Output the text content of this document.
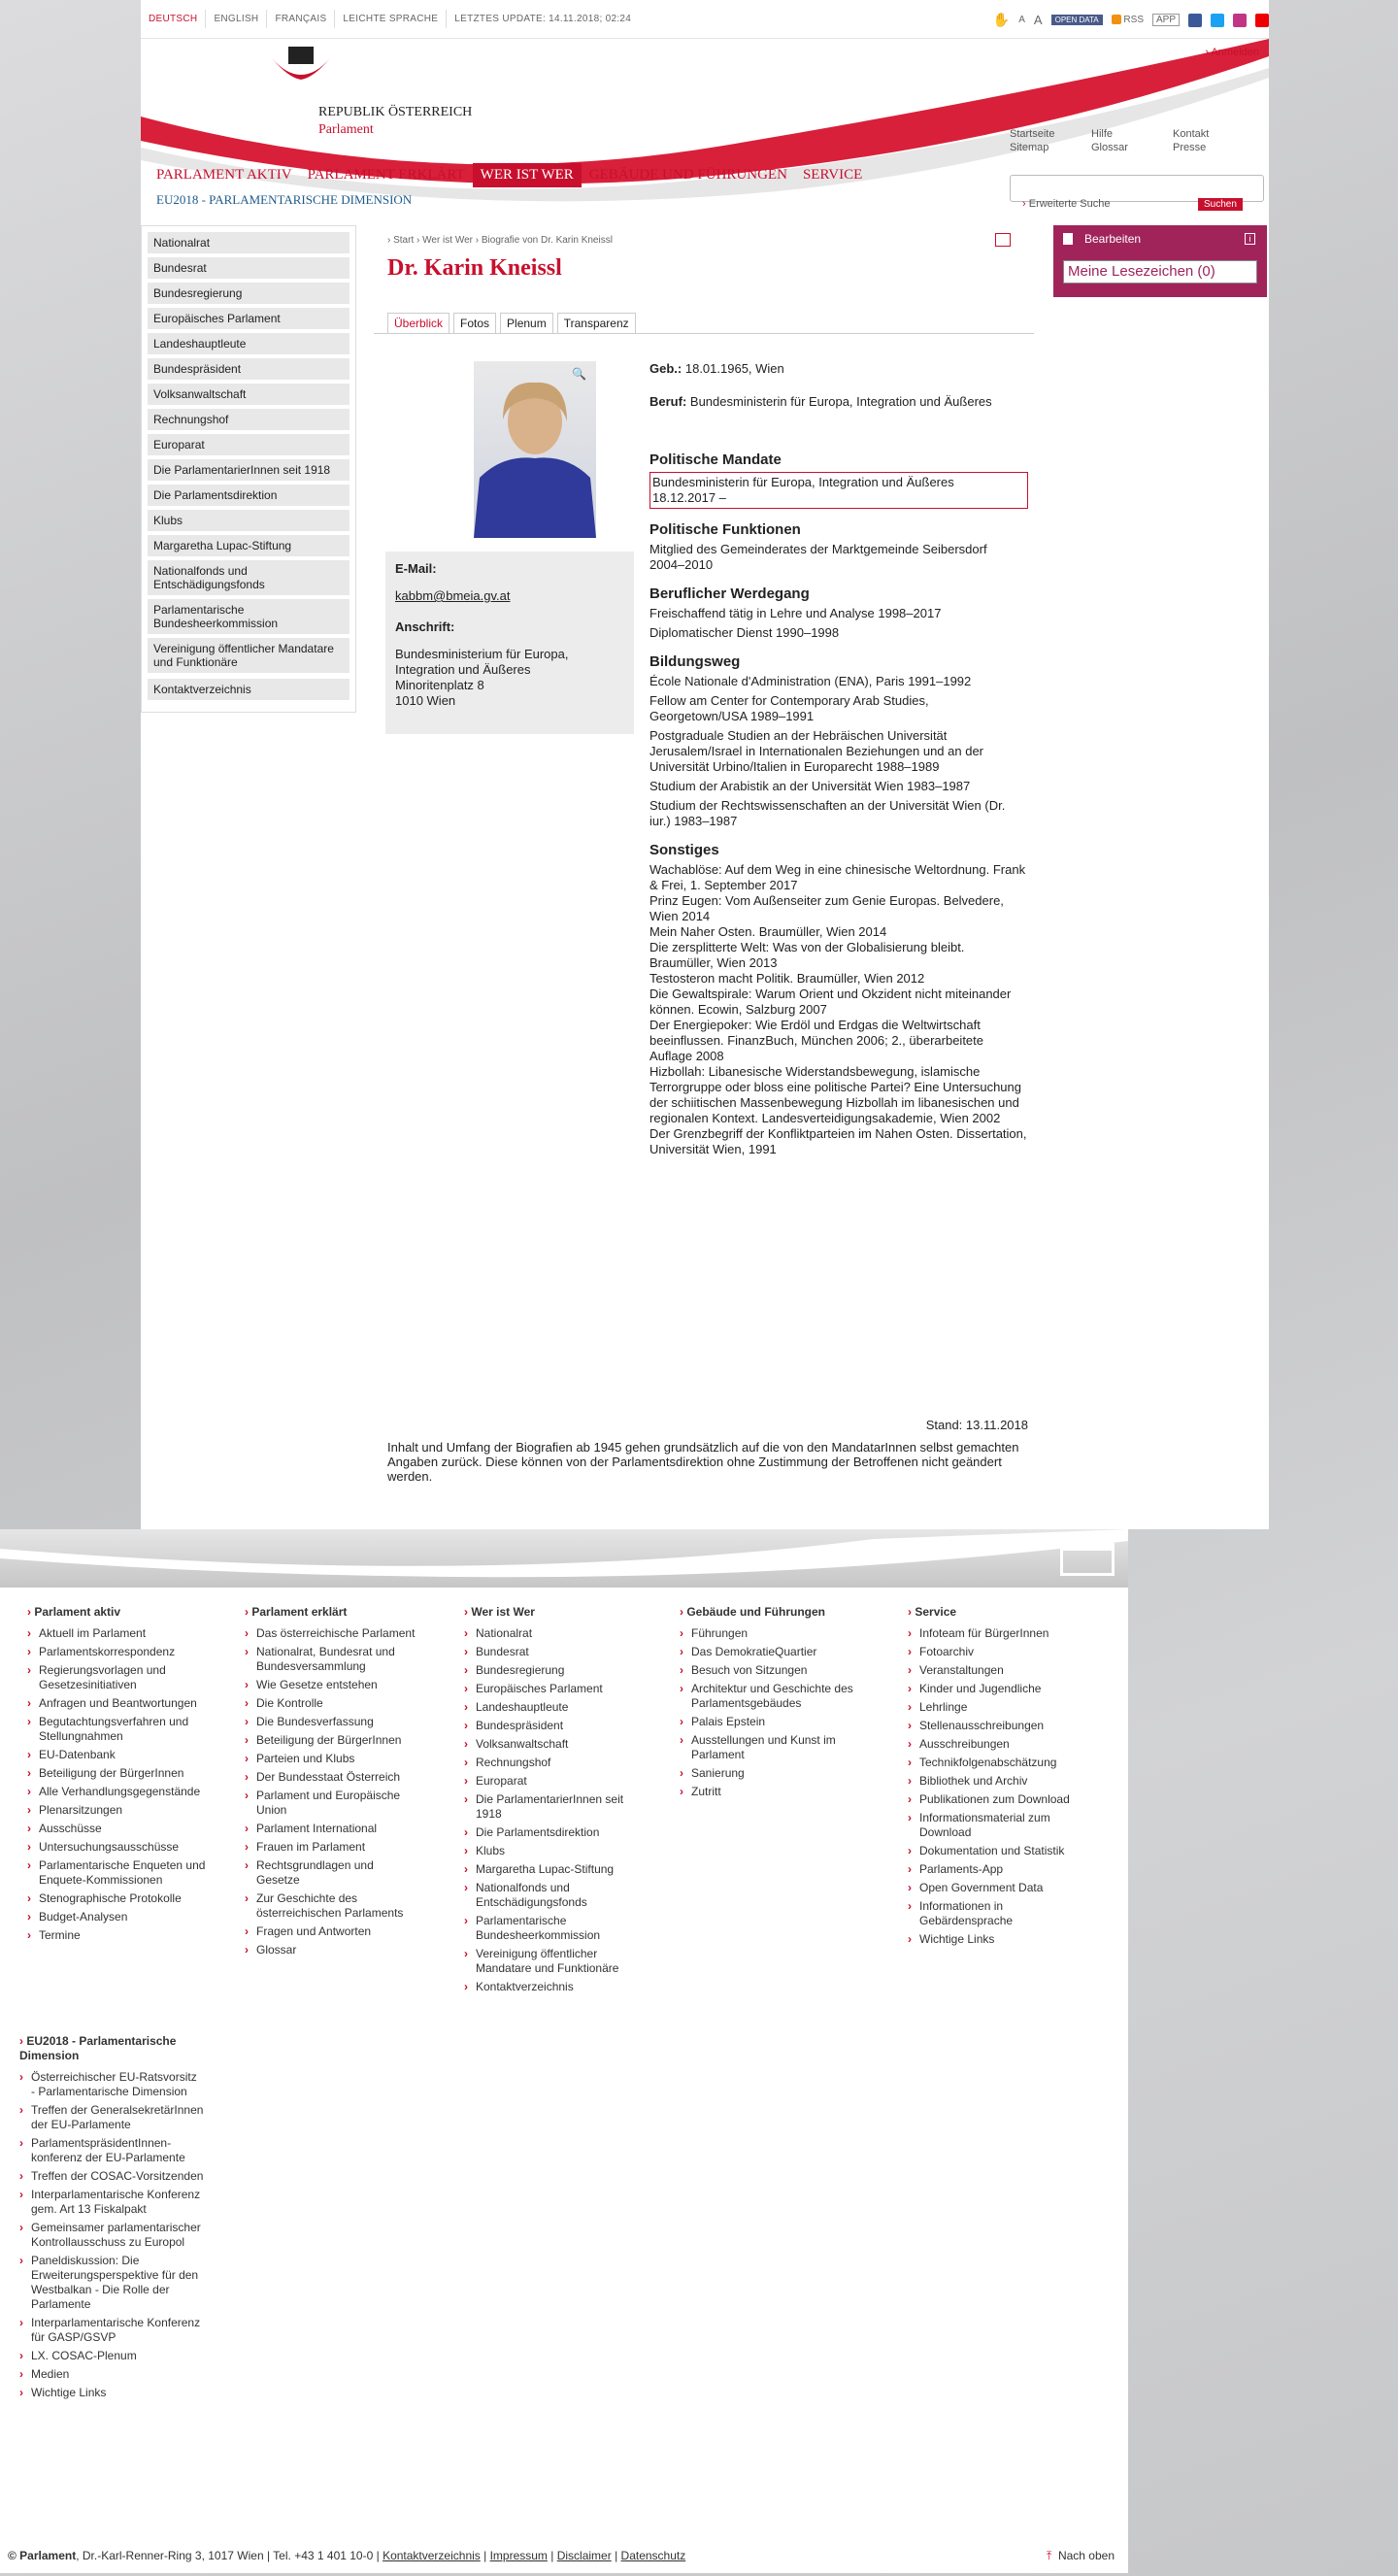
DEUTSCH	ENGLISH	FRANÇAIS	LEICHTE SPRACHE	LETZTES UPDATE: 14.11.2018; 02:24	✋ A A	OPEN DATA	RSS	APP
REPUBLIK ÖSTERREICH
Parlament
› Anmelden
Startseite	Hilfe	Kontakt
Sitemap	Glossar	Presse
PARLAMENT AKTIV	PARLAMENT ERKLÄRT	WER IST WER	GEBÄUDE UND FÜHRUNGEN	SERVICE
EU2018 - PARLAMENTARISCHE DIMENSION	› Erweiterte Suche	Suchen
Nationalrat
Bundesrat
Bundesregierung
Europäisches Parlament
Landeshauptleute
Bundespräsident
Volksanwaltschaft
Rechnungshof
Europarat
Die ParlamentarierInnen seit 1918
Die Parlamentsdirektion
Klubs
Margaretha Lupac-Stiftung
Nationalfonds und Entschädigungsfonds
Parlamentarische Bundesheerkommission
Vereinigung öffentlicher Mandatare und Funktionäre
Kontaktverzeichnis
› Start › Wer ist Wer › Biografie von Dr. Karin Kneissl
Dr. Karin Kneissl
Überblick	Fotos	Plenum	Transparenz
🔍
E-Mail:
kabbm@bmeia.gv.at
Anschrift:
Bundesministerium für Europa,
Integration und Äußeres
Minoritenplatz 8
1010 Wien

Geb.: 18.01.1965, Wien

Beruf: Bundesministerin für Europa, Integration und Äußeres

Politische Mandate
Bundesministerin für Europa, Integration und Äußeres
18.12.2017 –
Politische Funktionen
Mitglied des Gemeinderates der Marktgemeinde Seibersdorf
2004–2010
Beruflicher Werdegang

Freischaffend tätig in Lehre und Analyse 1998–2017

Diplomatischer Dienst 1990–1998

Bildungsweg

École Nationale d'Administration (ENA), Paris 1991–1992

Fellow am Center for Contemporary Arab Studies, Georgetown/USA 1989–1991

Postgraduale Studien an der Hebräischen Universität Jerusalem/Israel in Internationalen Beziehungen und an der Universität Urbino/Italien in Europarecht 1988–1989

Studium der Arabistik an der Universität Wien 1983–1987

Studium der Rechtswissenschaften an der Universität Wien (Dr. iur.) 1983–1987

Sonstiges
Wachablöse: Auf dem Weg in eine chinesische Weltordnung. Frank & Frei, 1. September 2017
Prinz Eugen: Vom Außenseiter zum Genie Europas. Belvedere, Wien 2014
Mein Naher Osten. Braumüller, Wien 2014
Die zersplitterte Welt: Was von der Globalisierung bleibt. Braumüller, Wien 2013
Testosteron macht Politik. Braumüller, Wien 2012
Die Gewaltspirale: Warum Orient und Okzident nicht miteinander können. Ecowin, Salzburg 2007
Der Energiepoker: Wie Erdöl und Erdgas die Weltwirtschaft beeinflussen. FinanzBuch, München 2006; 2., überarbeitete Auflage 2008
Hizbollah: Libanesische Widerstandsbewegung, islamische Terrorgruppe oder bloss eine politische Partei? Eine Untersuchung der schiitischen Massenbewegung Hizbollah im libanesischen und regionalen Kontext. Landesverteidigungsakademie, Wien 2002
Der Grenzbegriff der Konfliktparteien im Nahen Osten. Dissertation, Universität Wien, 1991
Stand: 13.11.2018
Inhalt und Umfang der Biografien ab 1945 gehen grundsätzlich auf die von den MandatarInnen selbst gemachten Angaben zurück. Diese können von der Parlamentsdirektion ohne Zustimmung der Betroffenen nicht geändert werden.
Bearbeiten	i
Meine Lesezeichen (0)
› Parlament aktiv
› Aktuell im Parlament
› Parlamentskorrespondenz
› Regierungsvorlagen und Gesetzesinitiativen
› Anfragen und Beantwortungen
› Begutachtungsverfahren und Stellungnahmen
› EU-Datenbank
› Beteiligung der BürgerInnen
› Alle Verhandlungsgegenstände
› Plenarsitzungen
› Ausschüsse
› Untersuchungsausschüsse
› Parlamentarische Enqueten und Enquete-Kommissionen
› Stenographische Protokolle
› Budget-Analysen
› Termine
› Parlament erklärt
› Das österreichische Parlament
› Nationalrat, Bundesrat und Bundesversammlung
› Wie Gesetze entstehen
› Die Kontrolle
› Die Bundesverfassung
› Beteiligung der BürgerInnen
› Parteien und Klubs
› Der Bundesstaat Österreich
› Parlament und Europäische Union
› Parlament International
› Frauen im Parlament
› Rechtsgrundlagen und Gesetze
› Zur Geschichte des österreichischen Parlaments
› Fragen und Antworten
› Glossar
› Wer ist Wer
› Nationalrat
› Bundesrat
› Bundesregierung
› Europäisches Parlament
› Landeshauptleute
› Bundespräsident
› Volksanwaltschaft
› Rechnungshof
› Europarat
› Die ParlamentarierInnen seit 1918
› Die Parlamentsdirektion
› Klubs
› Margaretha Lupac-Stiftung
› Nationalfonds und Entschädigungsfonds
› Parlamentarische Bundesheerkommission
› Vereinigung öffentlicher Mandatare und Funktionäre
› Kontaktverzeichnis
› Gebäude und Führungen
› Führungen
› Das DemokratieQuartier
› Besuch von Sitzungen
› Architektur und Geschichte des Parlamentsgebäudes
› Palais Epstein
› Ausstellungen und Kunst im Parlament
› Sanierung
› Zutritt
› Service
› Infoteam für BürgerInnen
› Fotoarchiv
› Veranstaltungen
› Kinder und Jugendliche
› Lehrlinge
› Stellenausschreibungen
› Ausschreibungen
› Technikfolgenabschätzung
› Bibliothek und Archiv
› Publikationen zum Download
› Informationsmaterial zum Download
› Dokumentation und Statistik
› Parlaments-App
› Open Government Data
› Informationen in Gebärdensprache
› Wichtige Links
› EU2018 - Parlamentarische Dimension
› Österreichischer EU-Ratsvorsitz - Parlamentarische Dimension
› Treffen der GeneralsekretärInnen der EU-Parlamente
› ParlamentspräsidentInnen-konferenz der EU-Parlamente
› Treffen der COSAC-Vorsitzenden
› Interparlamentarische Konferenz gem. Art 13 Fiskalpakt
› Gemeinsamer parlamentarischer Kontrollausschuss zu Europol
› Paneldiskussion: Die Erweiterungsperspektive für den Westbalkan - Die Rolle der Parlamente
› Interparlamentarische Konferenz für GASP/GSVP
› LX. COSAC-Plenum
› Medien
› Wichtige Links
© Parlament, Dr.-Karl-Renner-Ring 3, 1017 Wien | Tel. +43 1 401 10-0 | Kontaktverzeichnis | Impressum | Disclaimer | Datenschutz	⤒ Nach oben
